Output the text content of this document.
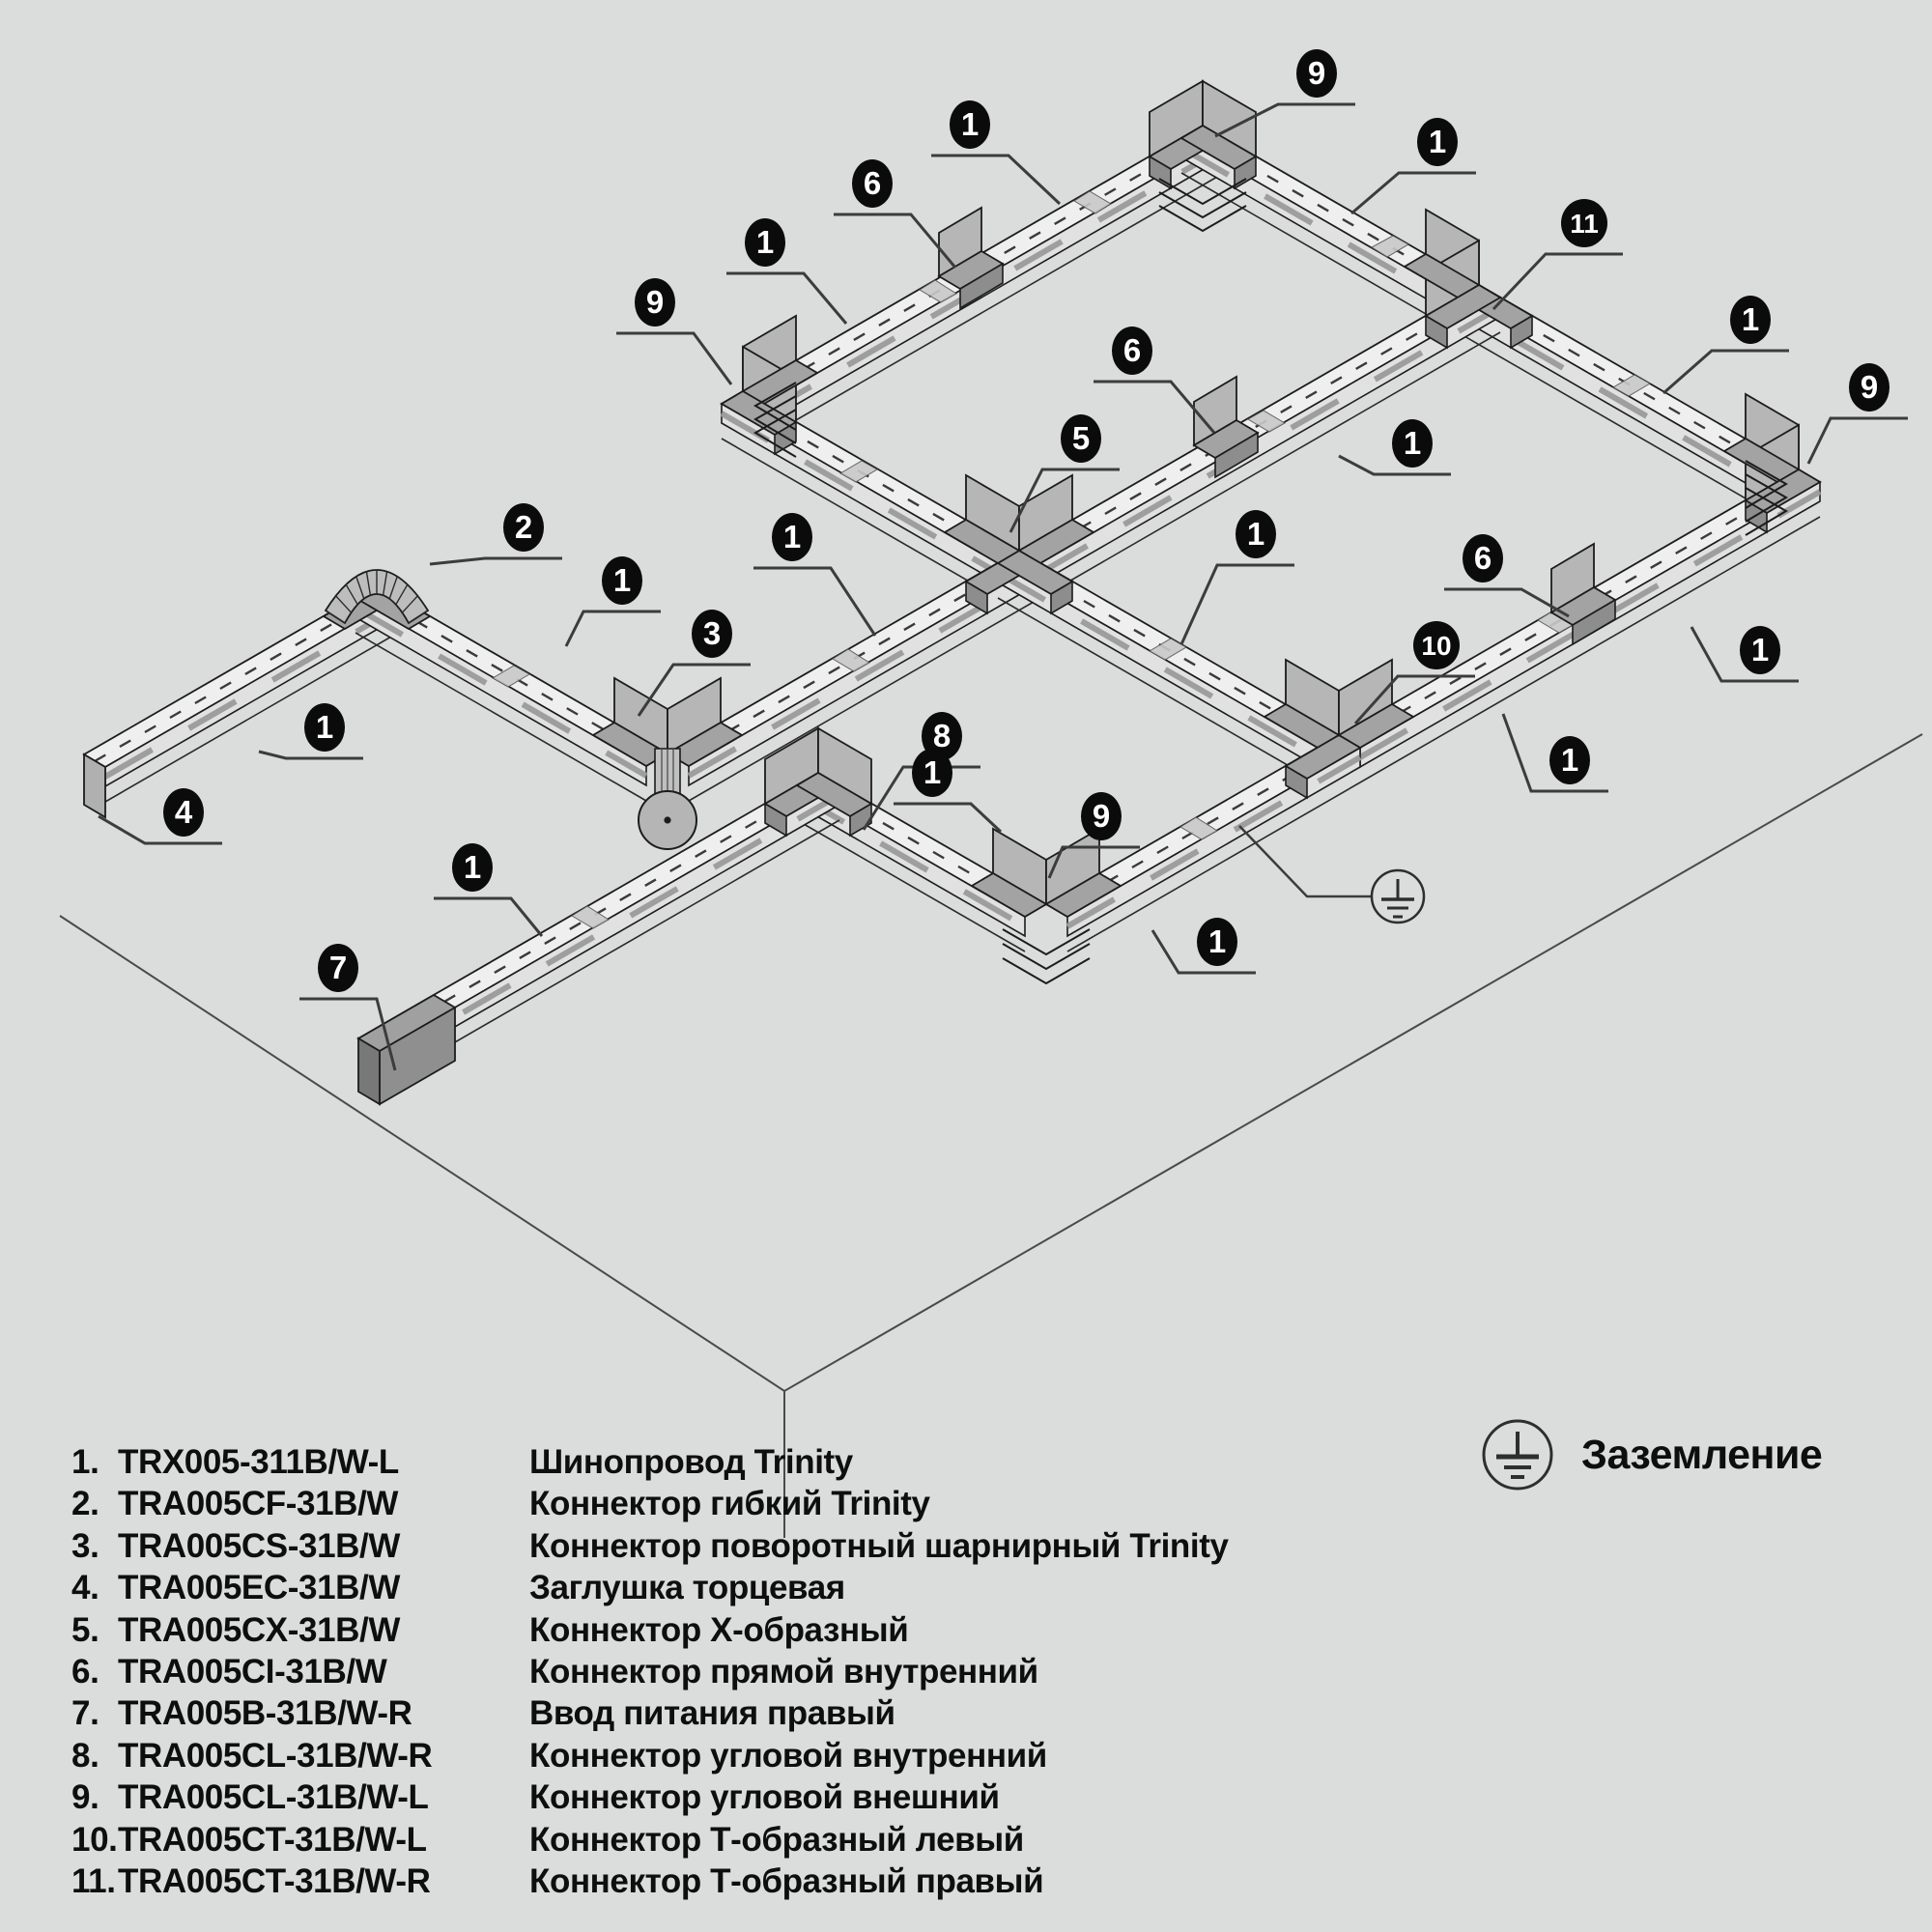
9
1
6
1
9
1
11
1
9
1
5
6
1
1
6
10	1
1
1
8
9
1
7
2
1
3
1
4
1
1. TRX005-311B/W-L	Шинопровод Trinity
2. TRA005CF-31B/W	Коннектор гибкий Trinity
3. TRA005CS-31B/W	Коннектор поворотный шарнирный Trinity
4. TRA005EC-31B/W	Заглушка торцевая
5. TRA005CX-31B/W	Коннектор Х-образный
6. TRA005CI-31B/W	Коннектор прямой внутренний
7. TRA005B-31B/W-R	Ввод питания правый
8. TRA005CL-31B/W-R	Коннектор угловой внутренний
9. TRA005CL-31B/W-L	Коннектор угловой внешний
10. TRA005CT-31B/W-L	Коннектор Т-образный левый
11. TRA005CT-31B/W-R	Коннектор Т-образный правый
Заземление
